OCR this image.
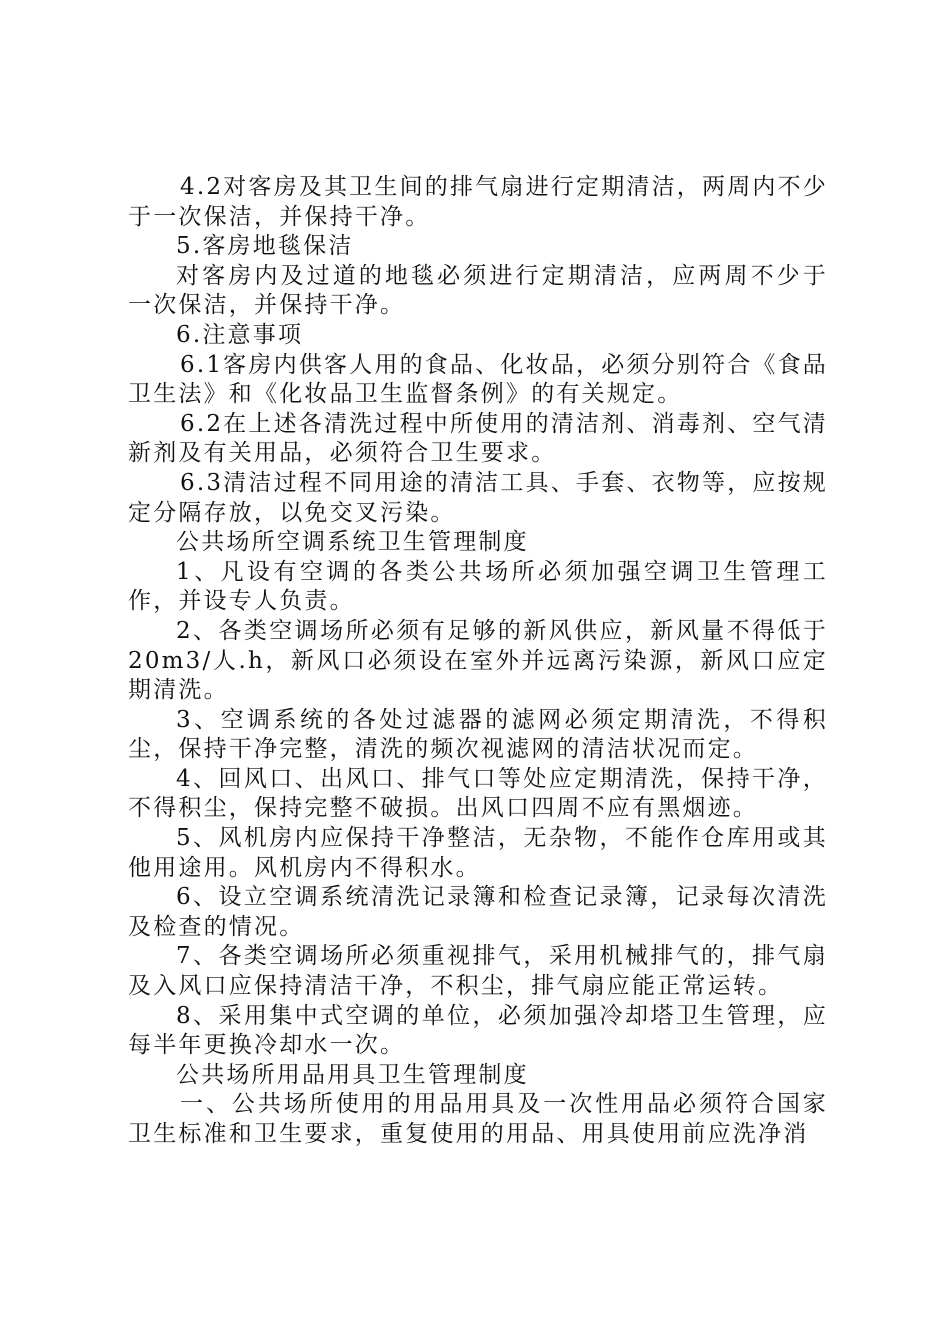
4.2对客房及其卫生间的排气扇进行定期清洁，两周内不少于一次保洁，并保持干净。

5.客房地毯保洁

对客房内及过道的地毯必须进行定期清洁，应两周不少于一次保洁，并保持干净。

6.注意事项

6.1客房内供客人用的食品、化妆品，必须分别符合《食品卫生法》和《化妆品卫生监督条例》的有关规定。

6.2在上述各清洗过程中所使用的清洁剂、消毒剂、空气清新剂及有关用品，必须符合卫生要求。

6.3清洁过程不同用途的清洁工具、手套、衣物等，应按规定分隔存放，以免交叉污染。

公共场所空调系统卫生管理制度

1、凡设有空调的各类公共场所必须加强空调卫生管理工作，并设专人负责。

2、各类空调场所必须有足够的新风供应，新风量不得低于20m3/人.h，新风口必须设在室外并远离污染源，新风口应定期清洗。

3、空调系统的各处过滤器的滤网必须定期清洗，不得积尘，保持干净完整，清洗的频次视滤网的清洁状况而定。

4、回风口、出风口、排气口等处应定期清洗，保持干净，不得积尘，保持完整不破损。出风口四周不应有黑烟迹。

5、风机房内应保持干净整洁，无杂物，不能作仓库用或其他用途用。风机房内不得积水。

6、设立空调系统清洗记录簿和检查记录簿，记录每次清洗及检查的情况。

7、各类空调场所必须重视排气，采用机械排气的，排气扇及入风口应保持清洁干净，不积尘，排气扇应能正常运转。

8、采用集中式空调的单位，必须加强冷却塔卫生管理，应每半年更换冷却水一次。

公共场所用品用具卫生管理制度

一、公共场所使用的用品用具及一次性用品必须符合国家卫生标准和卫生要求，重复使用的用品、用具使用前应洗净消
